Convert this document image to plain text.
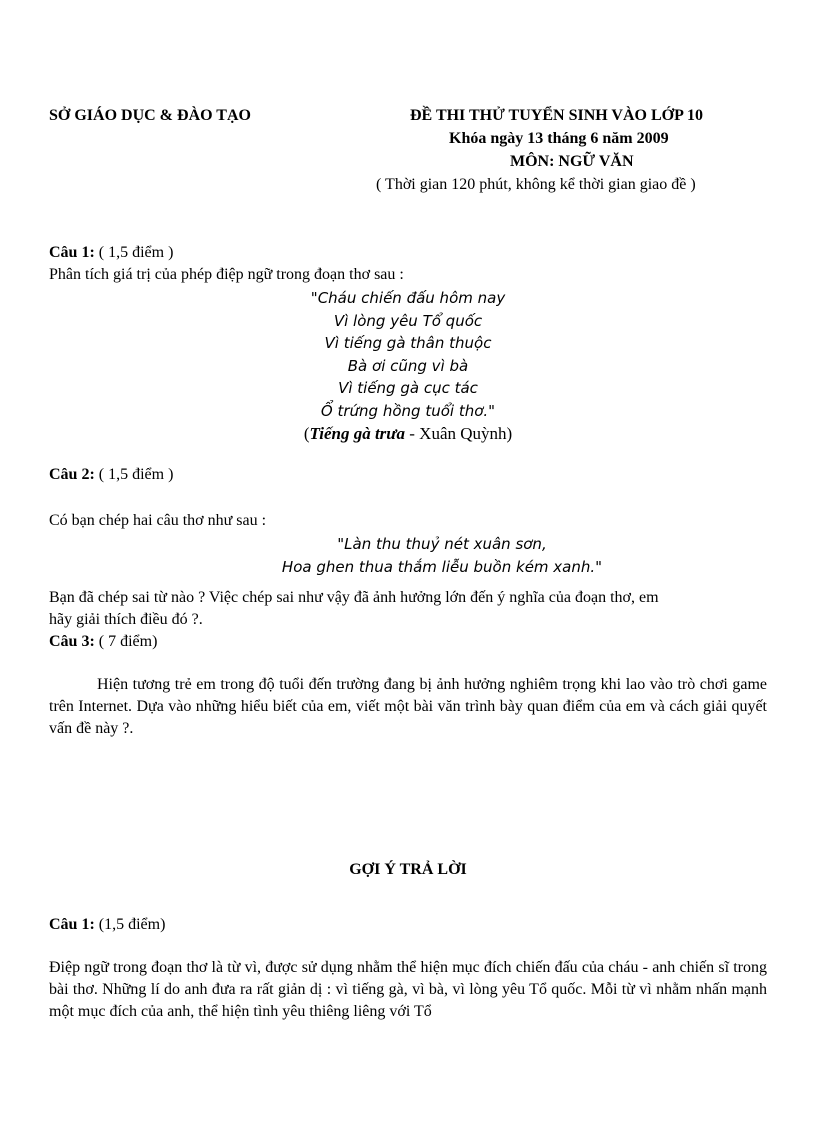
SỞ GIÁO DỤC & ĐÀO TẠO	ĐỀ THI THỬ TUYỂN SINH VÀO LỚP 10
Khóa ngày 13 tháng 6 năm 2009
MÔN: NGỮ VĂN
( Thời gian 120 phút, không kể thời gian giao đề )
Câu 1: ( 1,5 điểm )
Phân tích giá trị của phép điệp ngữ trong đoạn thơ sau :
"Cháu chiến đấu hôm nay
Vì lòng yêu Tổ quốc
Vì tiếng gà thân thuộc
Bà ơi cũng vì bà
Vì tiếng gà cục tác
Ổ trứng hồng tuổi thơ."
(Tiếng gà trưa - Xuân Quỳnh)
Câu 2: ( 1,5 điểm )
Có bạn chép hai câu thơ như sau :
"Làn thu thuỷ nét xuân sơn,
Hoa ghen thua thắm liễu buồn kém xanh."
Bạn đã chép sai từ nào ? Việc chép sai như vậy đã ảnh hưởng lớn đến ý nghĩa của đoạn thơ, em
hãy giải thích điều đó ?.
Câu 3: ( 7 điểm)
Hiện tương trẻ em trong độ tuổi đến trường đang bị ảnh hưởng nghiêm trọng khi lao vào trò chơi game trên Internet. Dựa vào những hiểu biết của em, viết một bài văn trình bày quan điểm của em và cách giải quyết vấn đề này ?.
GỢI Ý TRẢ LỜI
Câu 1: (1,5 điểm)
Điệp ngữ trong đoạn thơ là từ vì, được sử dụng nhằm thể hiện mục đích chiến đấu của cháu - anh chiến sĩ trong bài thơ. Những lí do anh đưa ra rất giản dị : vì tiếng gà, vì bà, vì lòng yêu Tổ quốc. Mỗi từ vì nhằm nhấn mạnh một mục đích của anh, thể hiện tình yêu thiêng liêng với Tổ
